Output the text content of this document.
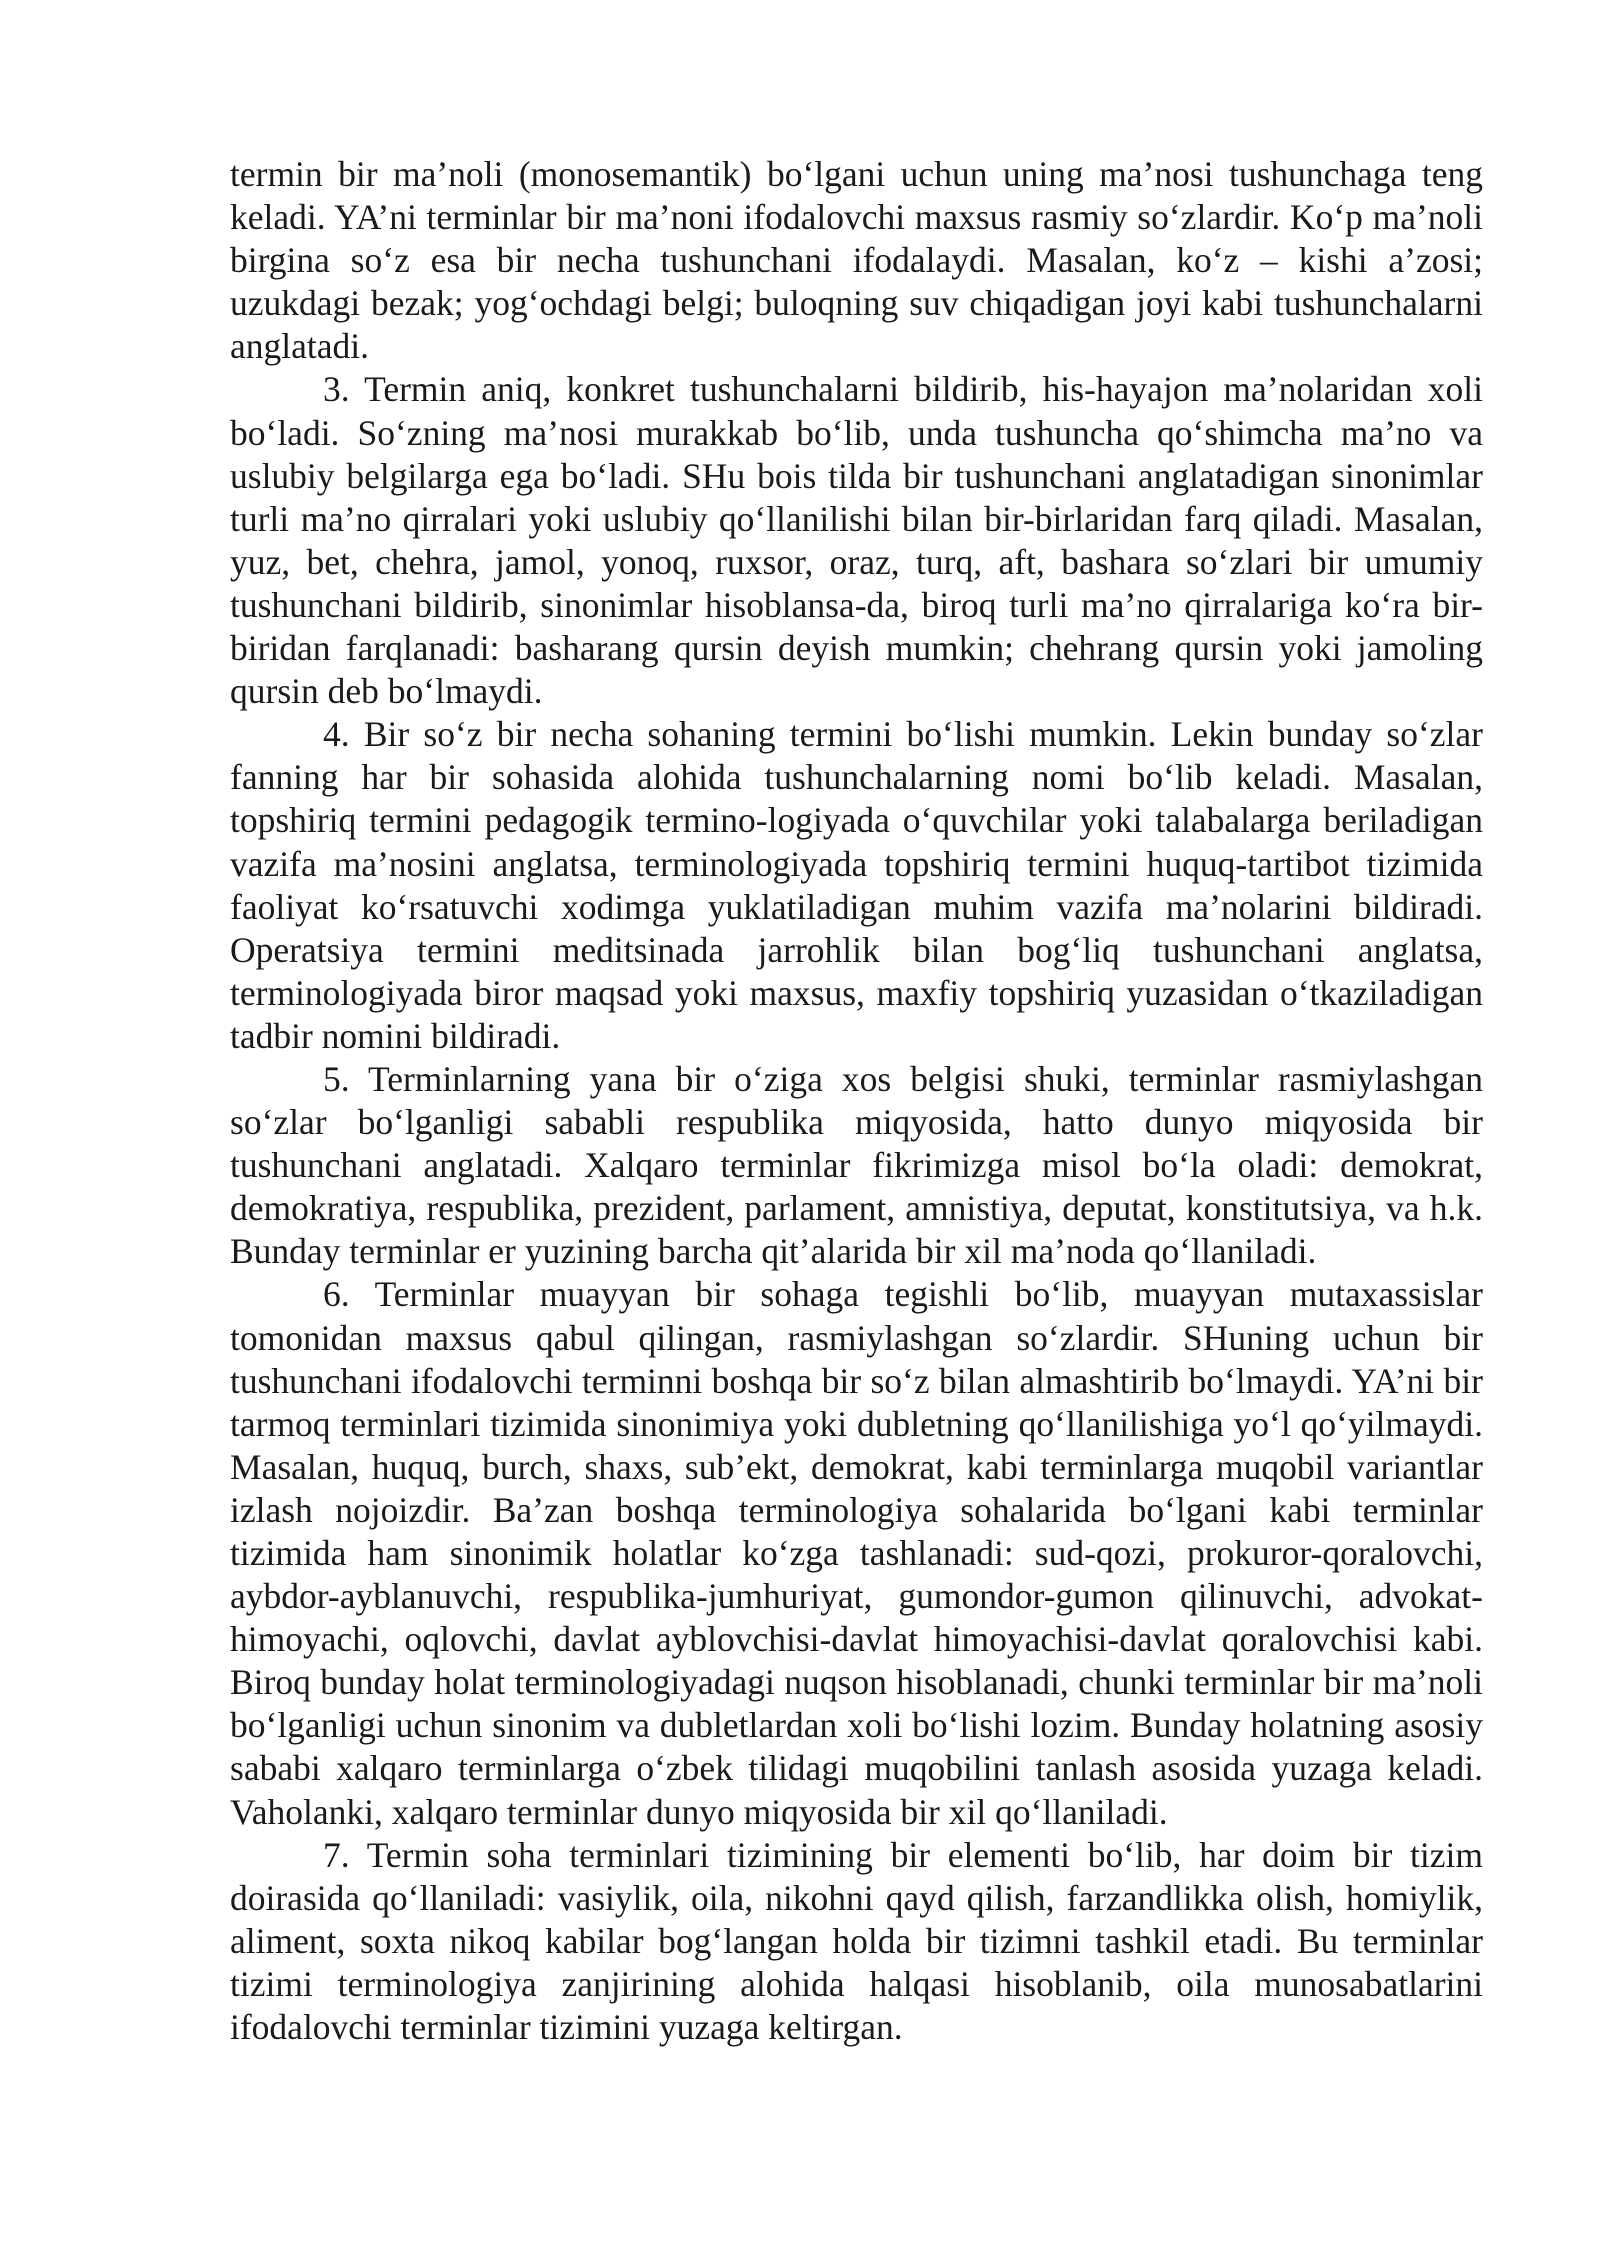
termin bir ma’noli (monosemantik) bo‘lgani uchun uning ma’nosi tushunchaga teng keladi. YA’ni terminlar bir ma’noni ifodalovchi maxsus rasmiy so‘zlardir. Ko‘p ma’noli birgina so‘z esa bir necha tushunchani ifodalaydi. Masalan, ko‘z – kishi a’zosi; uzukdagi bezak; yog‘ochdagi belgi; buloqning suv chiqadigan joyi kabi tushunchalarni anglatadi.

3. Termin aniq, konkret tushunchalarni bildirib, his-hayajon ma’nolaridan xoli bo‘ladi. So‘zning ma’nosi murakkab bo‘lib, unda tushuncha qo‘shimcha ma’no va uslubiy belgilarga ega bo‘ladi. SHu bois tilda bir tushunchani anglatadigan sinonimlar turli ma’no qirralari yoki uslubiy qo‘llanilishi bilan bir-birlaridan farq qiladi. Masalan, yuz, bet, chehra, jamol, yonoq, ruxsor, oraz, turq, aft, bashara so‘zlari bir umumiy tushunchani bildirib, sinonimlar hisoblansa-da, biroq turli ma’no qirralariga ko‘ra bir-biridan farqlanadi: basharang qursin deyish mumkin; chehrang qursin yoki jamoling qursin deb bo‘lmaydi.

4. Bir so‘z bir necha sohaning termini bo‘lishi mumkin. Lekin bunday so‘zlar fanning har bir sohasida alohida tushunchalarning nomi bo‘lib keladi. Masalan, topshiriq termini pedagogik termino-logiyada o‘quvchilar yoki talabalarga beriladigan vazifa ma’nosini anglatsa, terminologiyada topshiriq termini huquq-tartibot tizimida faoliyat ko‘rsatuvchi xodimga yuklatiladigan muhim vazifa ma’nolarini bildiradi. Operatsiya termini meditsinada jarrohlik bilan bog‘liq tushunchani anglatsa, terminologiyada biror maqsad yoki maxsus, maxfiy topshiriq yuzasidan o‘tkaziladigan tadbir nomini bildiradi.

5. Terminlarning yana bir o‘ziga xos belgisi shuki, terminlar rasmiylashgan so‘zlar bo‘lganligi sababli respublika miqyosida, hatto dunyo miqyosida bir tushunchani anglatadi. Xalqaro terminlar fikrimizga misol bo‘la oladi: demokrat, demokratiya, respublika, prezident, parlament, amnistiya, deputat, konstitutsiya, va h.k. Bunday terminlar er yuzining barcha qit’alarida bir xil ma’noda qo‘llaniladi.

6. Terminlar muayyan bir sohaga tegishli bo‘lib, muayyan mutaxassislar tomonidan maxsus qabul qilingan, rasmiylashgan so‘zlardir. SHuning uchun bir tushunchani ifodalovchi terminni boshqa bir so‘z bilan almashtirib bo‘lmaydi. YA’ni bir tarmoq terminlari tizimida sinonimiya yoki dubletning qo‘llanilishiga yo‘l qo‘yilmaydi. Masalan, huquq, burch, shaxs, sub’ekt, demokrat, kabi terminlarga muqobil variantlar izlash nojoizdir. Ba’zan boshqa terminologiya sohalarida bo‘lgani kabi terminlar tizimida ham sinonimik holatlar ko‘zga tashlanadi: sud-qozi, prokuror-qoralovchi, aybdor-ayblanuvchi, respublika-jumhuriyat, gumondor-gumon qilinuvchi, advokat-himoyachi, oqlovchi, davlat ayblovchisi-davlat himoyachisi-davlat qoralovchisi kabi. Biroq bunday holat terminologiyadagi nuqson hisoblanadi, chunki terminlar bir ma’noli bo‘lganligi uchun sinonim va dubletlardan xoli bo‘lishi lozim. Bunday holatning asosiy sababi xalqaro terminlarga o‘zbek tilidagi muqobilini tanlash asosida yuzaga keladi. Vaholanki, xalqaro terminlar dunyo miqyosida bir xil qo‘llaniladi.

7. Termin soha terminlari tizimining bir elementi bo‘lib, har doim bir tizim doirasida qo‘llaniladi: vasiylik, oila, nikohni qayd qilish, farzandlikka olish, homiylik, aliment, soxta nikoq kabilar bog‘langan holda bir tizimni tashkil etadi. Bu terminlar tizimi terminologiya zanjirining alohida halqasi hisoblanib, oila munosabatlarini ifodalovchi terminlar tizimini yuzaga keltirgan.
